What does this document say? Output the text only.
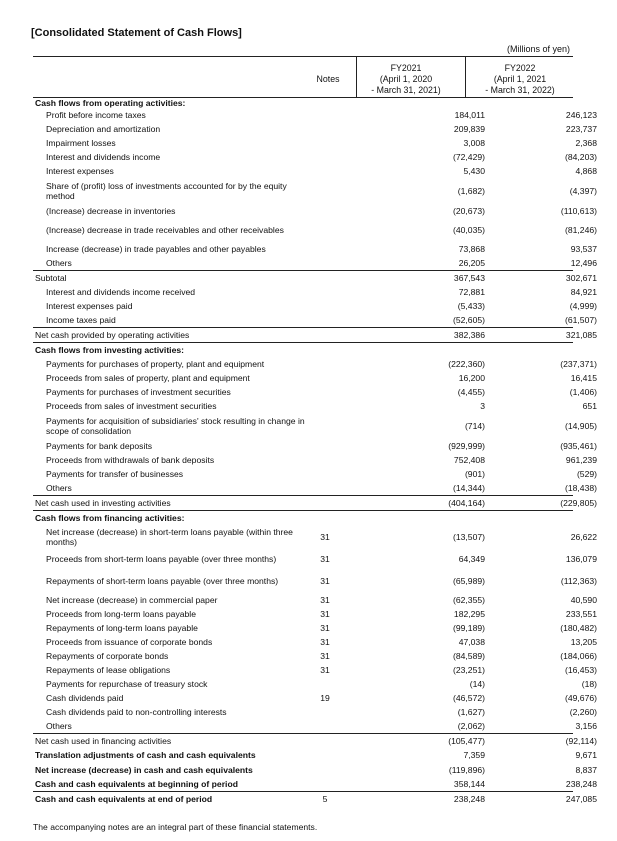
[Consolidated Statement of Cash Flows]
(Millions of yen)
Notes
FY2021
(April 1, 2020
- March 31, 2021)
FY2022
(April 1, 2021
- March 31, 2022)
Cash flows from operating activities:
Profit before income taxes	184,011	246,123
Depreciation and amortization	209,839	223,737
Impairment losses	3,008	2,368
Interest and dividends income	(72,429)	(84,203)
Interest expenses	5,430	4,868
Share of (profit) loss of investments accounted for by the equity method	(1,682)	(4,397)
(Increase) decrease in inventories	(20,673)	(110,613)
(Increase) decrease in trade receivables and other receivables	(40,035)	(81,246)
Increase (decrease) in trade payables and other payables	73,868	93,537
Others	26,205	12,496
Subtotal	367,543	302,671
Interest and dividends income received	72,881	84,921
Interest expenses paid	(5,433)	(4,999)
Income taxes paid	(52,605)	(61,507)
Net cash provided by operating activities	382,386	321,085
Cash flows from investing activities:
Payments for purchases of property, plant and equipment	(222,360)	(237,371)
Proceeds from sales of property, plant and equipment	16,200	16,415
Payments for purchases of investment securities	(4,455)	(1,406)
Proceeds from sales of investment securities	3	651
Payments for acquisition of subsidiaries' stock resulting in change in scope of consolidation	(714)	(14,905)
Payments for bank deposits	(929,999)	(935,461)
Proceeds from withdrawals of bank deposits	752,408	961,239
Payments for transfer of businesses	(901)	(529)
Others	(14,344)	(18,438)
Net cash used in investing activities	(404,164)	(229,805)
Cash flows from financing activities:
Net increase (decrease) in short-term loans payable (within three months)	31	(13,507)	26,622
Proceeds from short-term loans payable (over three months)	31	64,349	136,079
Repayments of short-term loans payable (over three months)	31	(65,989)	(112,363)
Net increase (decrease) in commercial paper	31	(62,355)	40,590
Proceeds from long-term loans payable	31	182,295	233,551
Repayments of long-term loans payable	31	(99,189)	(180,482)
Proceeds from issuance of corporate bonds	31	47,038	13,205
Repayments of corporate bonds	31	(84,589)	(184,066)
Repayments of lease obligations	31	(23,251)	(16,453)
Payments for repurchase of treasury stock	(14)	(18)
Cash dividends paid	19	(46,572)	(49,676)
Cash dividends paid to non-controlling interests	(1,627)	(2,260)
Others	(2,062)	3,156
Net cash used in financing activities	(105,477)	(92,114)
Translation adjustments of cash and cash equivalents	7,359	9,671
Net increase (decrease) in cash and cash equivalents	(119,896)	8,837
Cash and cash equivalents at beginning of period	358,144	238,248
Cash and cash equivalents at end of period	5	238,248	247,085
The accompanying notes are an integral part of these financial statements.
